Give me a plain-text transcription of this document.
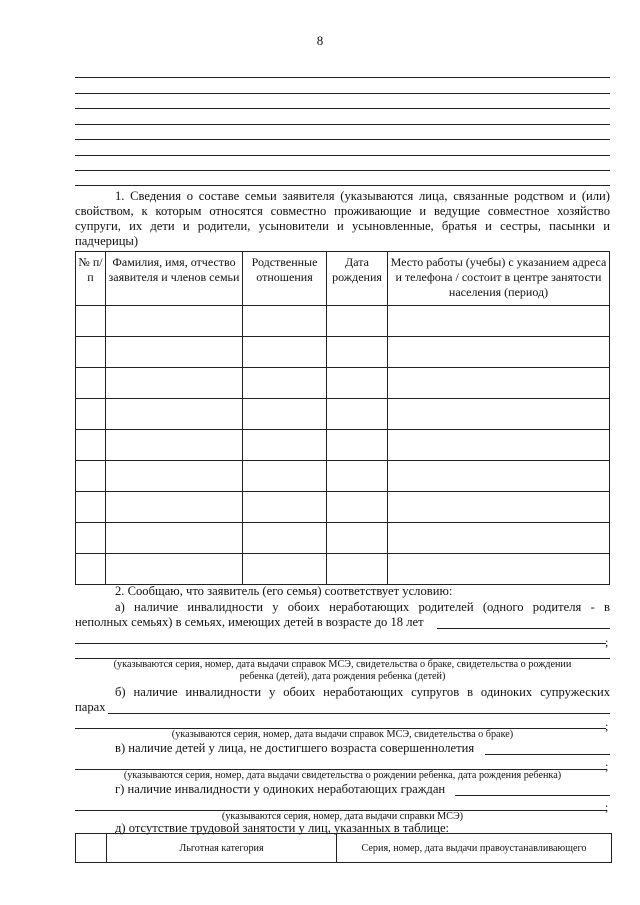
8
1. Сведения о составе семьи заявителя (указываются лица, связанные родством и (или) свойством, к которым относятся совместно проживающие и ведущие совместное хозяйство супруги, их дети и родители, усыновители и усыновленные, братья и сестры, пасынки и падчерицы)
№ п/п	Фамилия, имя, отчество заявителя и членов семьи	Родственные отношения	Дата рождения	Место работы (учебы) с указанием адреса и телефона / состоит в центре занятости населения (период)

2. Сообщаю, что заявитель (его семья) соответствует условию:
а) наличие инвалидности у обоих неработающих родителей (одного родителя - в
неполных семьях) в семьях, имеющих детей в возрасте до 18 лет
;
(указываются серия, номер, дата выдачи справок МСЭ, свидетельства о браке, свидетельства о рождении
ребенка (детей), дата рождения ребенка (детей)
б) наличие инвалидности у обоих неработающих супругов в одиноких супружеских
парах
;
(указываются серия, номер, дата выдачи справок МСЭ, свидетельства о браке)
в) наличие детей у лица, не достигшего возраста совершеннолетия
;
(указываются серия, номер, дата выдачи свидетельства о рождении ребенка, дата рождения ребенка)
г) наличие инвалидности у одиноких неработающих граждан
;
(указываются серия, номер, дата выдачи справки МСЭ)
д) отсутствие трудовой занятости у лиц, указанных в таблице:
	Льготная категория	Серия, номер, дата выдачи правоустанавливающего
